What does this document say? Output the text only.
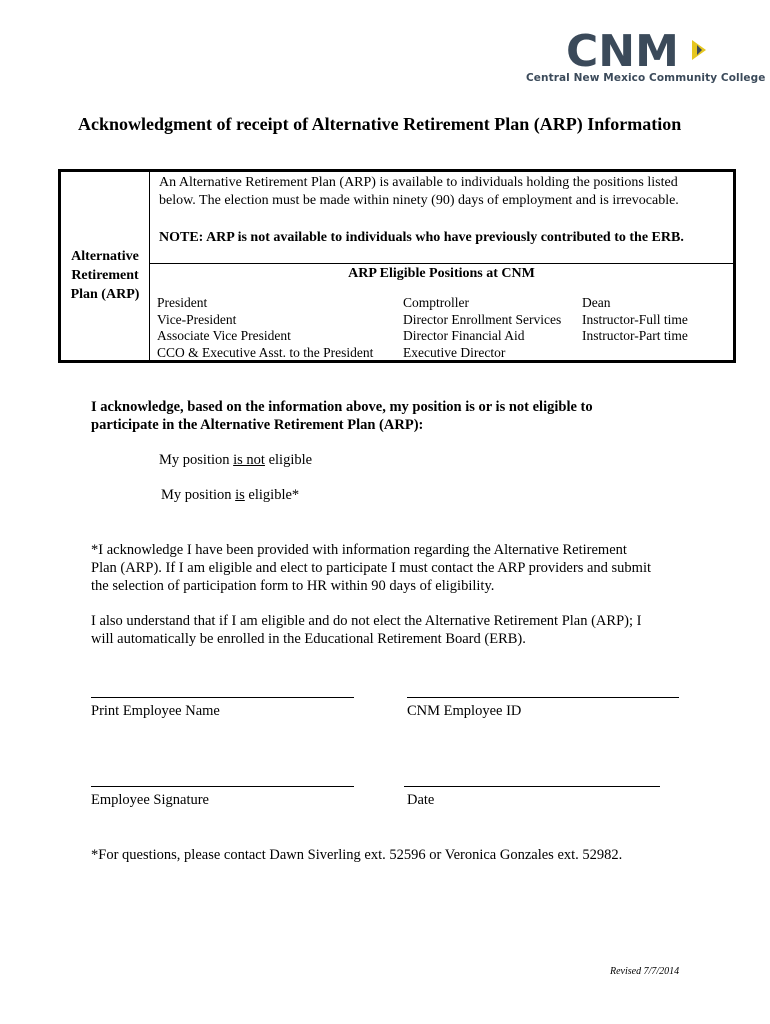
CNM
Central New Mexico Community College
Acknowledgment of receipt of Alternative Retirement Plan (ARP) Information
Alternative
Retirement
Plan (ARP)
An Alternative Retirement Plan (ARP) is available to individuals holding the positions listed
below. The election must be made within ninety (90) days of employment and is irrevocable.
NOTE: ARP is not available to individuals who have previously contributed to the ERB.
ARP Eligible Positions at CNM
President
Vice-President
Associate Vice President
CCO & Executive Asst. to the President
Comptroller
Director Enrollment Services
Director Financial Aid
Executive Director
Dean
Instructor-Full time
Instructor-Part time
I acknowledge, based on the information above, my position is or is not eligible to
participate in the Alternative Retirement Plan (ARP):
My position is not eligible
My position is eligible*
*I acknowledge I have been provided with information regarding the Alternative Retirement
Plan (ARP). If I am eligible and elect to participate I must contact the ARP providers and submit
the selection of participation form to HR within 90 days of eligibility.
I also understand that if I am eligible and do not elect the Alternative Retirement Plan (ARP); I
will automatically be enrolled in the Educational Retirement Board (ERB).
Print Employee Name	CNM Employee ID
Employee Signature	Date
*For questions, please contact Dawn Siverling ext. 52596 or Veronica Gonzales ext. 52982.
Revised 7/7/2014
